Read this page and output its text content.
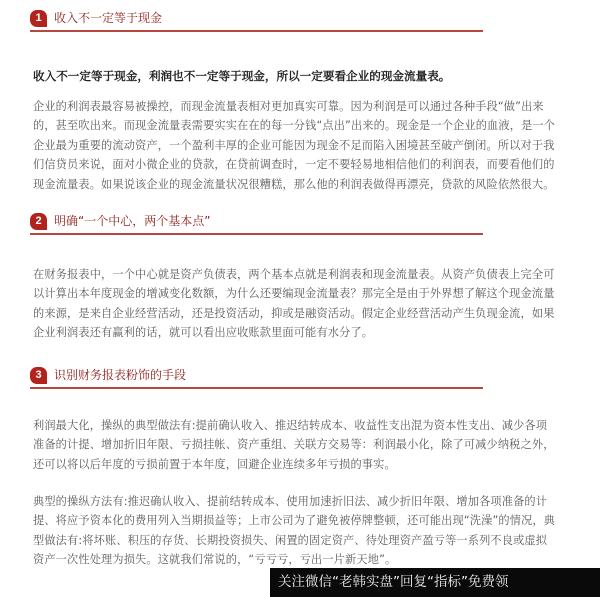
1	收入不一定等于现金
收入不一定等于现金，利润也不一定等于现金，所以一定要看企业的现金流量表。
企业的利润表最容易被操控，而现金流量表相对更加真实可靠。因为利润是可以通过各种手段“做”出来的，甚至吹出来。而现金流量表需要实实在在的每一分钱“点出”出来的。现金是一个企业的血液，是一个企业最为重要的流动资产，一个盈利丰厚的企业可能因为现金不足而陷入困境甚至破产倒闭。所以对于我们信贷员来说，面对小微企业的贷款，在贷前调查时，一定不要轻易地相信他们的利润表，而要看他们的现金流量表。如果说该企业的现金流量状况很糟糕，那么他的利润表做得再漂亮，贷款的风险依然很大。
2	明确“一个中心，两个基本点”
在财务报表中，一个中心就是资产负债表，两个基本点就是利润表和现金流量表。从资产负债表上完全可以计算出本年度现金的增减变化数额，为什么还要编现金流量表？那完全是由于外界想了解这个现金流量的来源，是来自企业经营活动，还是投资活动，抑或是融资活动。假定企业经营活动产生负现金流，如果企业利润表还有赢利的话，就可以看出应收账款里面可能有水分了。
3	识别财务报表粉饰的手段
利润最大化，操纵的典型做法有:提前确认收入、推迟结转成本、收益性支出混为资本性支出、减少各项准备的计提、增加折旧年限、亏损挂帐、资产重组、关联方交易等：利润最小化，除了可减少纳税之外，还可以将以后年度的亏损前置于本年度，回避企业连续多年亏损的事实。
典型的操纵方法有:推迟确认收入、提前结转成本、使用加速折旧法、减少折旧年限、增加各项准备的计提、将应予资本化的费用列入当期损益等；上市公司为了避免被停牌整顿，还可能出现“洗澡”的情况，典型做法有:将坏账、积压的存货、长期投资损失、闲置的固定资产、待处理资产盈亏等一系列不良或虚拟资产一次性处理为损失。这就我们常说的，“亏亏亏，亏出一片新天地”。
关注微信“老韩实盘”回复“指标”免费领
